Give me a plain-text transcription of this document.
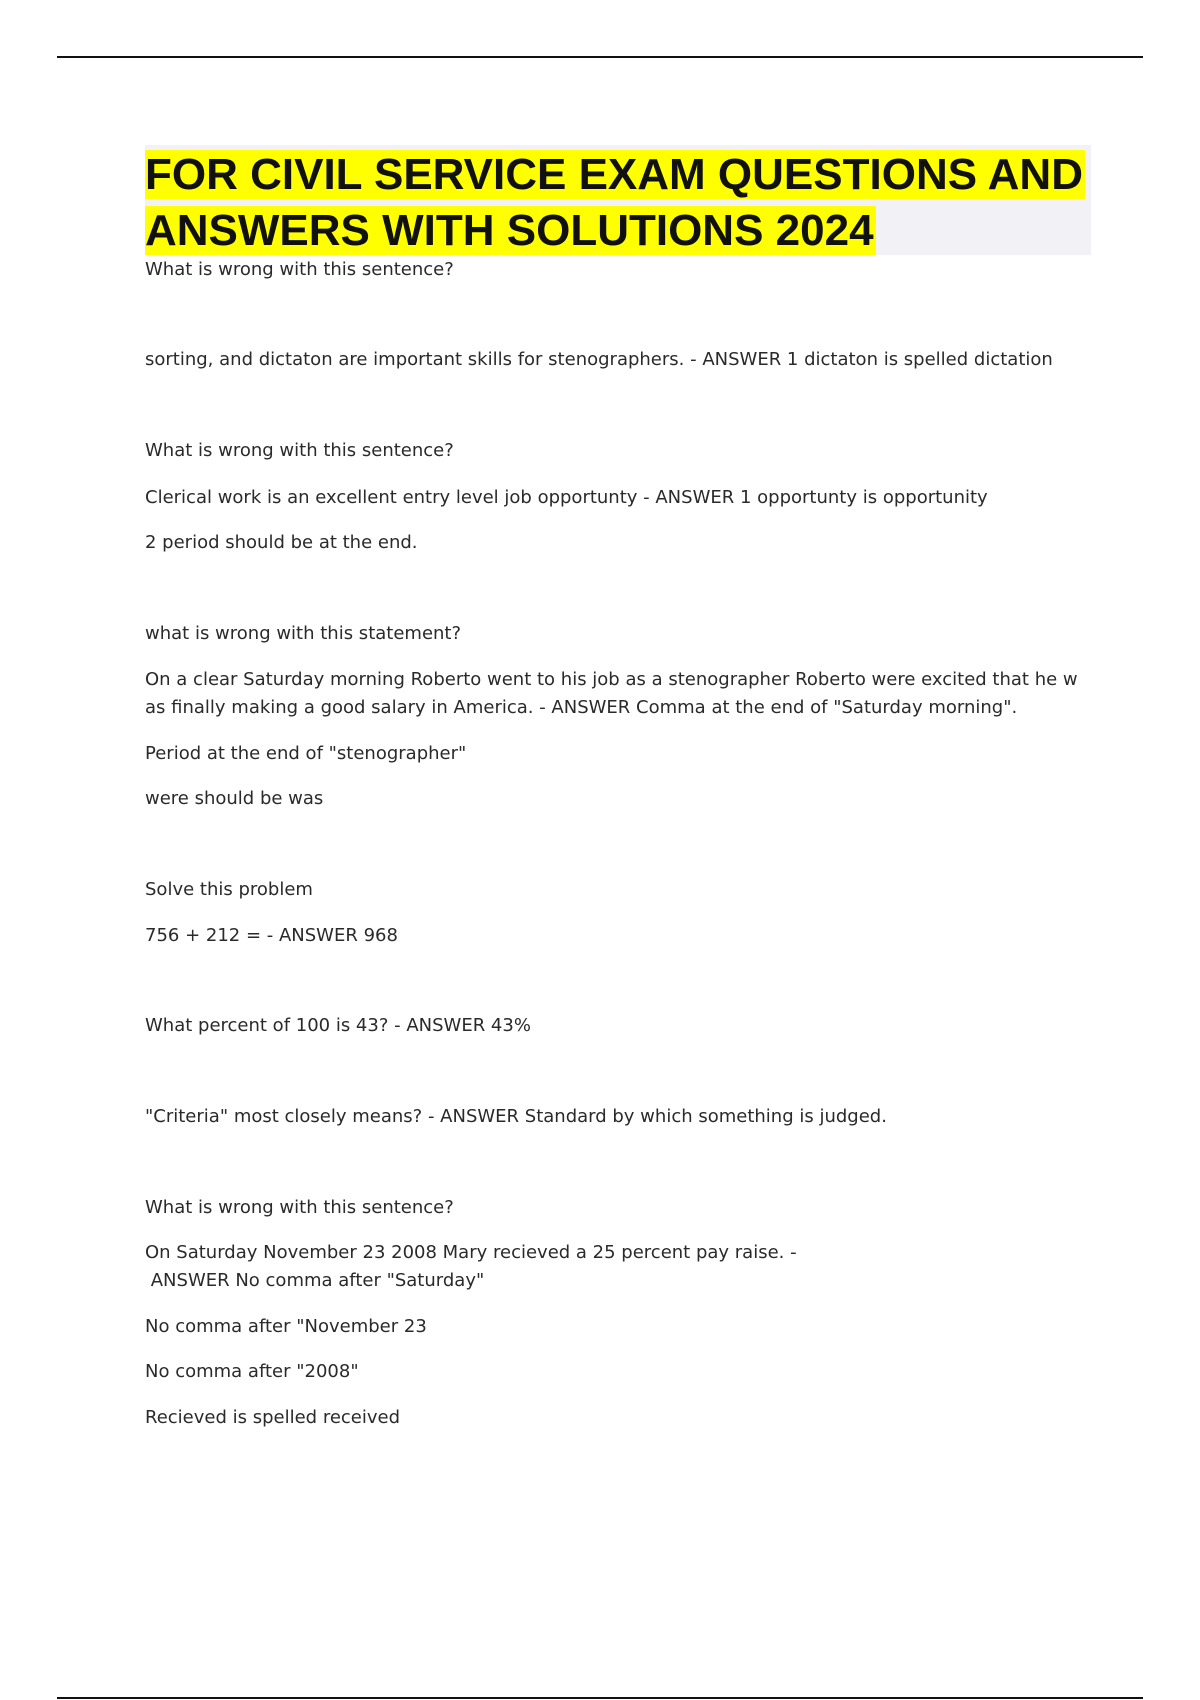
FOR CIVIL SERVICE EXAM QUESTIONS AND ANSWERS WITH SOLUTIONS 2024

What is wrong with this sentence?

sorting, and dictaton are important skills for stenographers. - ANSWER 1 dictaton is spelled dictation

What is wrong with this sentence?

Clerical work is an excellent entry level job opportunty - ANSWER 1 opportunty is opportunity

2 period should be at the end.

what is wrong with this statement?

On a clear Saturday morning Roberto went to his job as a stenographer Roberto were excited that he w as finally making a good salary in America. - ANSWER Comma at the end of "Saturday morning".

Period at the end of "stenographer"

were should be was

Solve this problem

756 + 212 = - ANSWER 968

What percent of 100 is 43? - ANSWER 43%

"Criteria" most closely means? - ANSWER Standard by which something is judged.

What is wrong with this sentence?

On Saturday November 23 2008 Mary recieved a 25 percent pay raise. -
ANSWER No comma after "Saturday"

No comma after "November 23

No comma after "2008"

Recieved is spelled received
